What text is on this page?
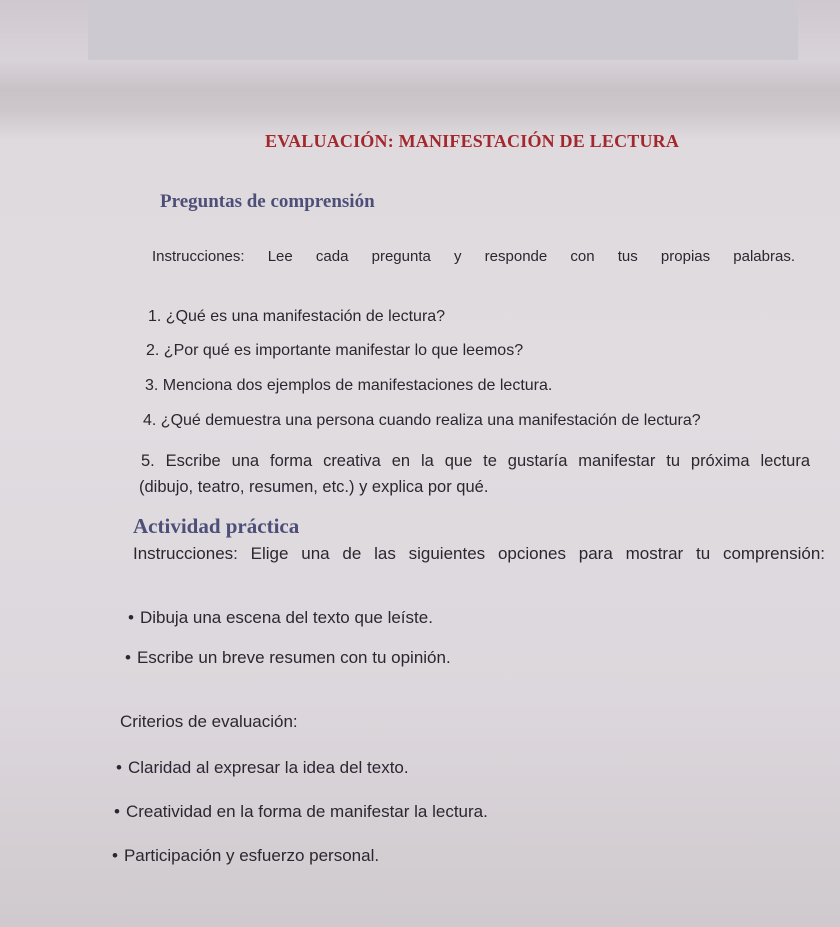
EVALUACIÓN: MANIFESTACIÓN DE LECTURA
Preguntas de comprensión
Instrucciones: Lee cada pregunta y responde con tus propias palabras.
1. ¿Qué es una manifestación de lectura?
2. ¿Por qué es importante manifestar lo que leemos?
3. Menciona dos ejemplos de manifestaciones de lectura.
4. ¿Qué demuestra una persona cuando realiza una manifestación de lectura?
5. Escribe una forma creativa en la que te gustaría manifestar tu próxima lectura
(dibujo, teatro, resumen, etc.) y explica por qué.
Actividad práctica
Instrucciones: Elige una de las siguientes opciones para mostrar tu comprensión:
• Dibuja una escena del texto que leíste.
• Escribe un breve resumen con tu opinión.
Criterios de evaluación:
• Claridad al expresar la idea del texto.
• Creatividad en la forma de manifestar la lectura.
• Participación y esfuerzo personal.
